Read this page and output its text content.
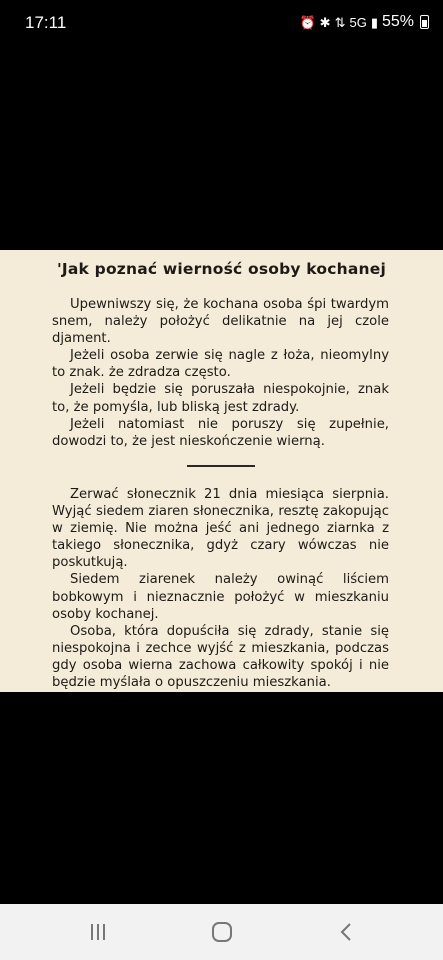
17:11	⏰ ✱ ⇅ 5G ▮ 55%
'Jak poznać wierność osoby kochanej

Upewniwszy się, że kochana osoba śpi twardym snem, należy położyć delikatnie na jej czole djament.

Jeżeli osoba zerwie się nagle z łoża, nieomylny to znak. że zdradza często.

Jeżeli będzie się poruszała niespokojnie, znak to, że pomyśla, lub bliską jest zdrady.

Jeżeli natomiast nie poruszy się zupełnie, dowodzi to, że jest nieskończenie wierną.

Zerwać słonecznik 21 dnia miesiąca sierpnia. Wyjąć siedem ziaren słonecznika, resztę zakopując w ziemię. Nie można jeść ani jednego ziarnka z takiego słonecznika, gdyż czary wówczas nie poskutkują.

Siedem ziarenek należy owinąć liściem bobkowym i nieznacznie położyć w mieszkaniu osoby kochanej.

Osoba, która dopuściła się zdrady, stanie się niespokojna i zechce wyjść z mieszkania, podczas gdy osoba wierna zachowa całkowity spokój i nie będzie myślała o opuszczeniu mieszkania.
